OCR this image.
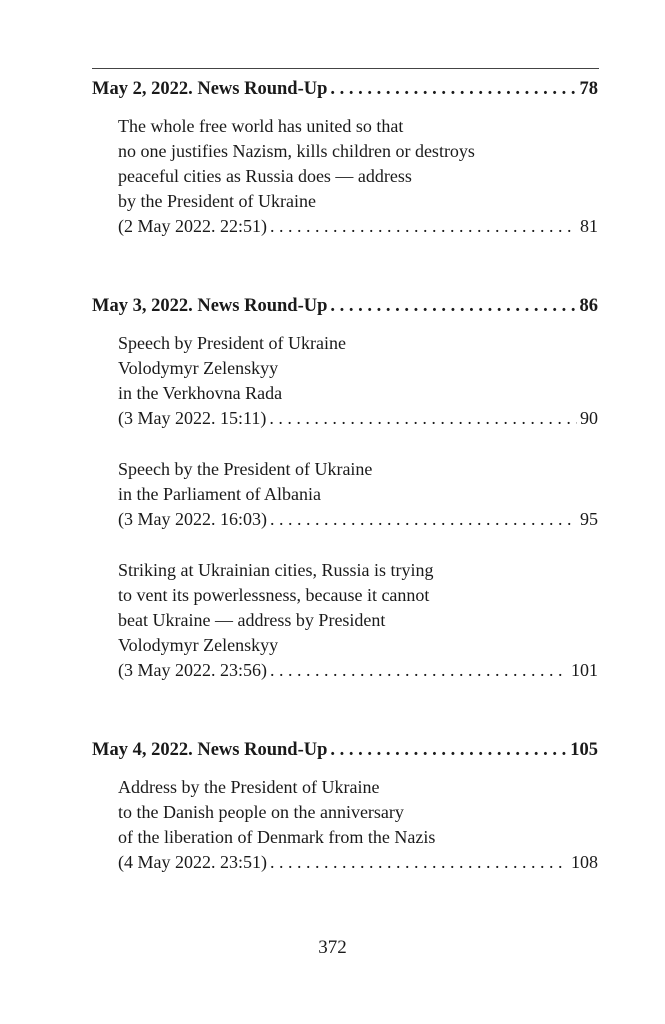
May 2, 2022. News Round-Up . . .	78
The whole free world has united so that
no one justifies Nazism, kills children or destroys
peaceful cities as Russia does — address
by the President of Ukraine
(2 May 2022. 22:51) . . .	81
May 3, 2022. News Round-Up . . .	86
Speech by President of Ukraine
Volodymyr Zelenskyy
in the Verkhovna Rada
(3 May 2022. 15:11) . . .	90
Speech by the President of Ukraine
in the Parliament of Albania
(3 May 2022. 16:03) . . .	95
Striking at Ukrainian cities, Russia is trying
to vent its powerlessness, because it cannot
beat Ukraine — address by President
Volodymyr Zelenskyy
(3 May 2022. 23:56) . . .	101
May 4, 2022. News Round-Up . . .	105
Address by the President of Ukraine
to the Danish people on the anniversary
of the liberation of Denmark from the Nazis
(4 May 2022. 23:51) . . .	108
372
